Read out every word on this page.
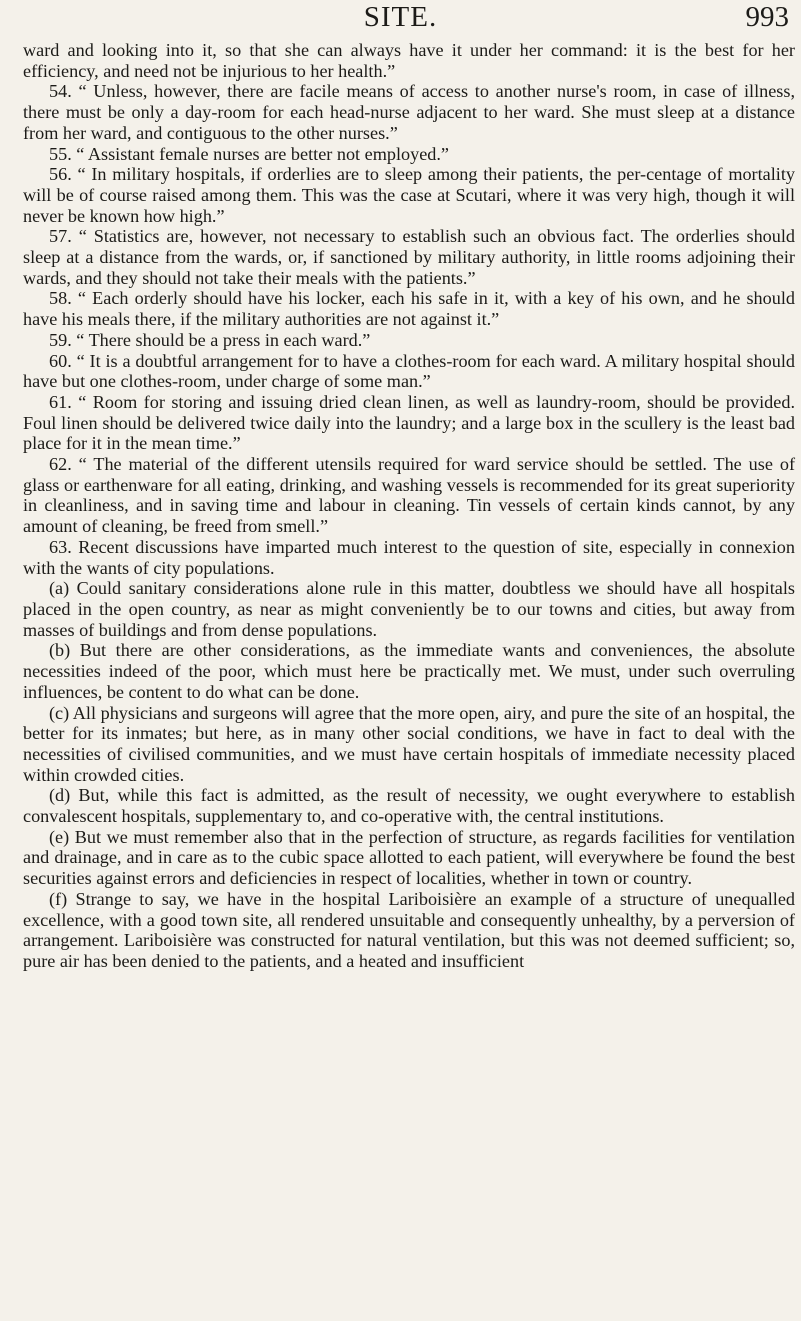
SITE.	993

ward and looking into it, so that she can always have it under her command: it is the best for her efficiency, and need not be injurious to her health.”

54. “ Unless, however, there are facile means of access to another nurse's room, in case of illness, there must be only a day-room for each head-nurse adjacent to her ward. She must sleep at a distance from her ward, and contiguous to the other nurses.”

55. “ Assistant female nurses are better not employed.”

56. “ In military hospitals, if orderlies are to sleep among their patients, the per-centage of mortality will be of course raised among them. This was the case at Scutari, where it was very high, though it will never be known how high.”

57. “ Statistics are, however, not necessary to establish such an obvious fact. The orderlies should sleep at a distance from the wards, or, if sanctioned by military authority, in little rooms adjoining their wards, and they should not take their meals with the patients.”

58. “ Each orderly should have his locker, each his safe in it, with a key of his own, and he should have his meals there, if the military authorities are not against it.”

59. “ There should be a press in each ward.”

60. “ It is a doubtful arrangement for to have a clothes-room for each ward. A military hospital should have but one clothes-room, under charge of some man.”

61. “ Room for storing and issuing dried clean linen, as well as laundry-room, should be provided. Foul linen should be delivered twice daily into the laundry; and a large box in the scullery is the least bad place for it in the mean time.”

62. “ The material of the different utensils required for ward service should be settled. The use of glass or earthenware for all eating, drinking, and washing vessels is recommended for its great superiority in cleanliness, and in saving time and labour in cleaning. Tin vessels of certain kinds cannot, by any amount of cleaning, be freed from smell.”

63. Recent discussions have imparted much interest to the question of site, especially in connexion with the wants of city populations.

(a) Could sanitary considerations alone rule in this matter, doubtless we should have all hospitals placed in the open country, as near as might conveniently be to our towns and cities, but away from masses of buildings and from dense populations.

(b) But there are other considerations, as the immediate wants and conveniences, the absolute necessities indeed of the poor, which must here be practically met. We must, under such overruling influences, be content to do what can be done.

(c) All physicians and surgeons will agree that the more open, airy, and pure the site of an hospital, the better for its inmates; but here, as in many other social conditions, we have in fact to deal with the necessities of civilised communities, and we must have certain hospitals of immediate necessity placed within crowded cities.

(d) But, while this fact is admitted, as the result of necessity, we ought everywhere to establish convalescent hospitals, supplementary to, and co-operative with, the central institutions.

(e) But we must remember also that in the perfection of structure, as regards facilities for ventilation and drainage, and in care as to the cubic space allotted to each patient, will everywhere be found the best securities against errors and deficiencies in respect of localities, whether in town or country.

(f) Strange to say, we have in the hospital Lariboisière an example of a structure of unequalled excellence, with a good town site, all rendered unsuitable and consequently unhealthy, by a perversion of arrangement. Lariboisière was constructed for natural ventilation, but this was not deemed sufficient; so, pure air has been denied to the patients, and a heated and insufficient
